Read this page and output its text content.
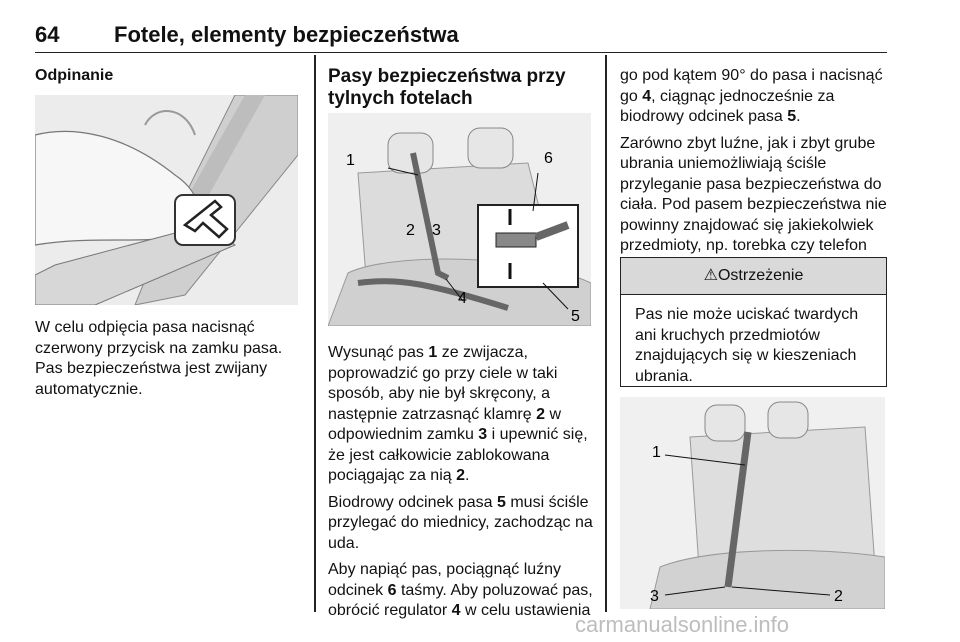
64 Fotele, elementy bezpieczeństwa
Odpinanie

W celu odpięcia pasa nacisnąć czerwony przycisk na zamku pasa. Pas bezpieczeństwa jest zwijany automatycznie.

Pasy bezpieczeństwa przy
tylnych fotelach
1	6
2 3
4
5

Wysunąć pas 1 ze zwijacza, poprowadzić go przy ciele w taki sposób, aby nie był skręcony, a następnie zatrzasnąć klamrę 2 w odpowiednim zamku 3 i upewnić się, że jest całkowicie zablokowana pociągając za nią 2.

Biodrowy odcinek pasa 5 musi ściśle przylegać do miednicy, zachodząc na uda.

Aby napiąć pas, pociągnąć luźny odcinek 6 taśmy. Aby poluzować pas, obrócić regulator 4 w celu ustawienia

go pod kątem 90° do pasa i nacisnąć go 4, ciągnąc jednocześnie za biodrowy odcinek pasa 5.

Zarówno zbyt luźne, jak i zbyt grube ubrania uniemożliwiają ściśle przyleganie pasa bezpieczeństwa do ciała. Pod pasem bezpieczeństwa nie powinny znajdować się jakiekolwiek przedmioty, np. torebka czy telefon

⚠Ostrzeżenie
Pas nie może uciskać twardych ani kruchych przedmiotów znajdujących się w kieszeniach ubrania.
1
3	2
carmanualsonline.info
